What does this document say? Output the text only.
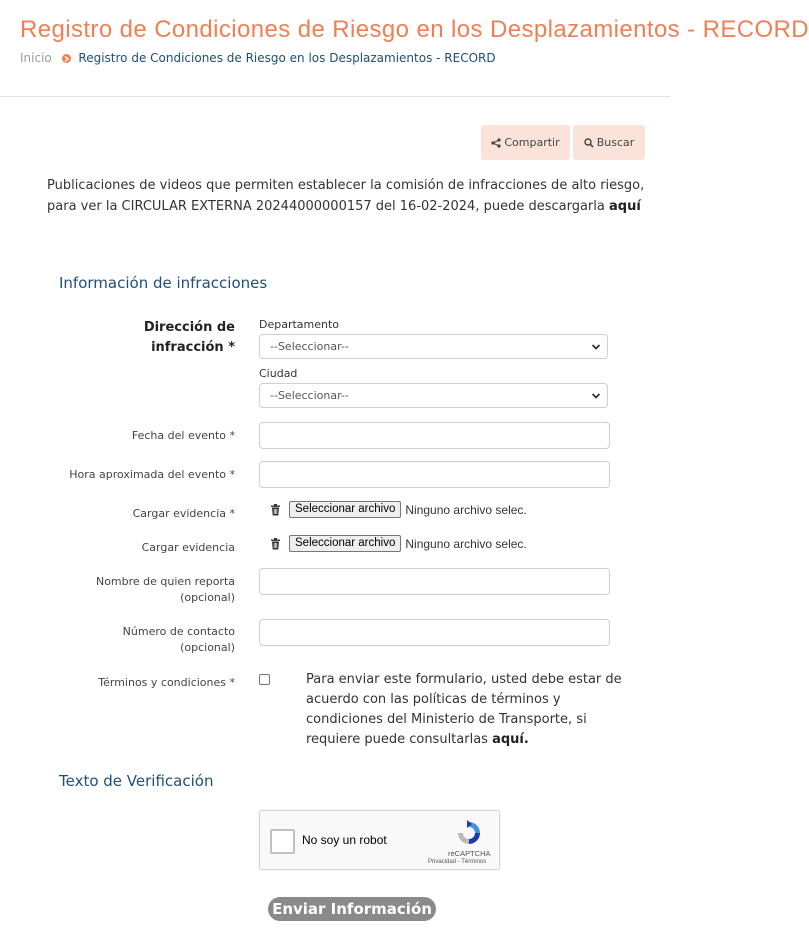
Registro de Condiciones de Riesgo en los Desplazamientos - RECORD
Inicio Registro de Condiciones de Riesgo en los Desplazamientos - RECORD
Compartir	Buscar
Publicaciones de videos que permiten establecer la comisión de infracciones de alto riesgo, para ver la CIRCULAR EXTERNA 20244000000157 del 16-02-2024, puede descargarla aquí
Información de infracciones
Dirección de
infracción *
Departamento
--Seleccionar--
Ciudad
--Seleccionar--
Fecha del evento *
Hora aproximada del evento *
Cargar evidencia *	Seleccionar archivo Ninguno archivo selec.
Cargar evidencia	Seleccionar archivo Ninguno archivo selec.
Nombre de quien reporta
(opcional)
Número de contacto
(opcional)
Términos y condiciones *	Para enviar este formulario, usted debe estar de acuerdo con las políticas de términos y condiciones del Ministerio de Transporte, si requiere puede consultarlas aquí.
Texto de Verificación
No soy un robot
reCAPTCHA
Privacidad - Términos
Enviar Información
